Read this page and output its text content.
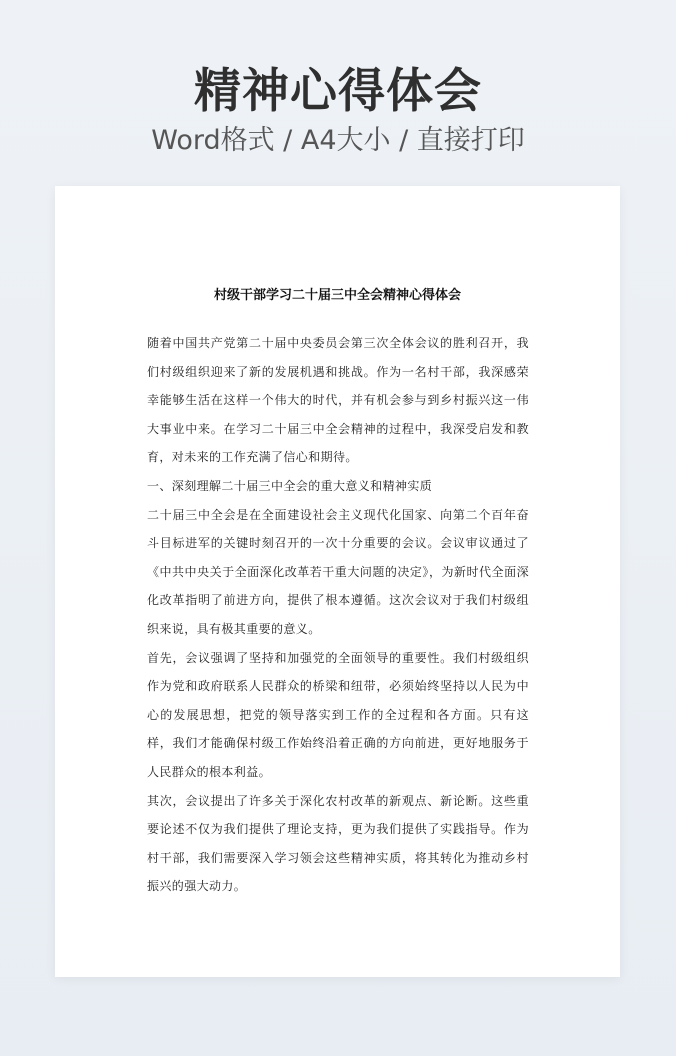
精神心得体会
Word格式 / A4大小 / 直接打印
村级干部学习二十届三中全会精神心得体会

随着中国共产党第二十届中央委员会第三次全体会议的胜利召开，我们村级组织迎来了新的发展机遇和挑战。作为一名村干部，我深感荣幸能够生活在这样一个伟大的时代，并有机会参与到乡村振兴这一伟大事业中来。在学习二十届三中全会精神的过程中，我深受启发和教育，对未来的工作充满了信心和期待。

一、深刻理解二十届三中全会的重大意义和精神实质

二十届三中全会是在全面建设社会主义现代化国家、向第二个百年奋斗目标进军的关键时刻召开的一次十分重要的会议。会议审议通过了《中共中央关于全面深化改革若干重大问题的决定》，为新时代全面深化改革指明了前进方向，提供了根本遵循。这次会议对于我们村级组织来说，具有极其重要的意义。

首先，会议强调了坚持和加强党的全面领导的重要性。我们村级组织作为党和政府联系人民群众的桥梁和纽带，必须始终坚持以人民为中心的发展思想，把党的领导落实到工作的全过程和各方面。只有这样，我们才能确保村级工作始终沿着正确的方向前进，更好地服务于人民群众的根本利益。

其次，会议提出了许多关于深化农村改革的新观点、新论断。这些重要论述不仅为我们提供了理论支持，更为我们提供了实践指导。作为村干部，我们需要深入学习领会这些精神实质，将其转化为推动乡村振兴的强大动力。
